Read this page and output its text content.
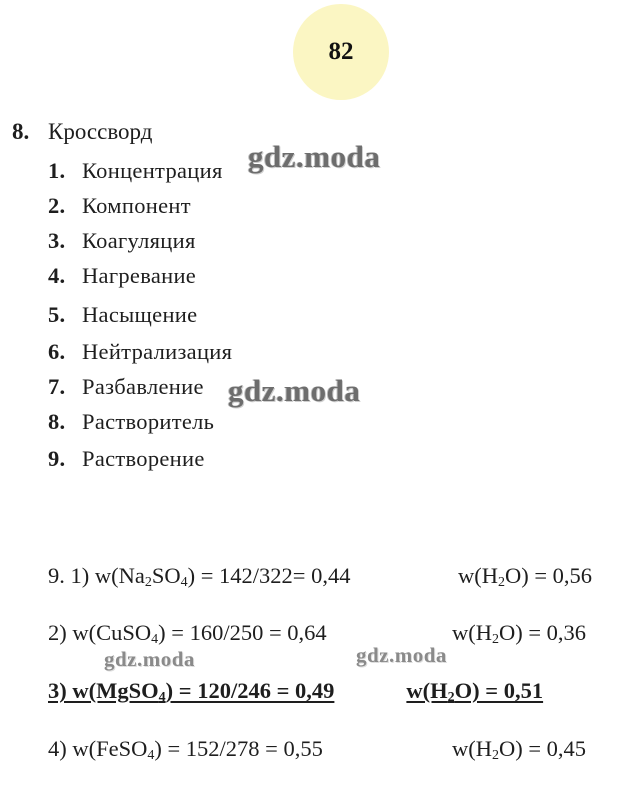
82
8. Кроссворд
1. Концентрация
2. Компонент
3. Коагуляция
4. Нагревание
5. Насыщение
6. Нейтрализация
7. Разбавление
8. Растворитель
9. Растворение
9. 1) $w(Na_2SO_4) = 142/322= 0,44$	$w(H_2O) = 0,56$
2) w(CuSO$_4$) = 160/250 = 0,64	$w(H_2O) = 0,36$
3) w(MgSO$_4$) = 120/246 = 0,49	$w(H_2O) = 0,51$
4) w(FeSO$_4$) = 152/278 = 0,55	$w(H_2O) = 0,45$
gdz.moda
gdz.moda
gdz.moda	gdz.moda
